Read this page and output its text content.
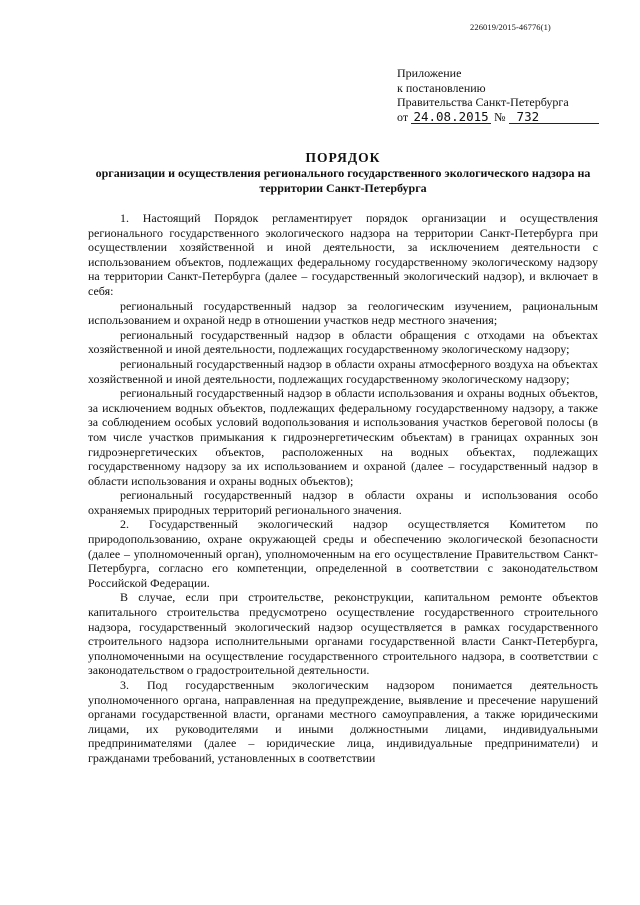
226019/2015-46776(1)
Приложение
к постановлению
Правительства Санкт-Петербурга
от 24.08.2015 № 732
ПОРЯДОК
организации и осуществления регионального государственного экологического надзора на территории Санкт-Петербурга

1. Настоящий Порядок регламентирует порядок организации и осуществления регионального государственного экологического надзора на территории Санкт-Петербурга при осуществлении хозяйственной и иной деятельности, за исключением деятельности с использованием объектов, подлежащих федеральному государственному экологическому надзору на территории Санкт-Петербурга (далее – государственный экологический надзор), и включает в себя:

региональный государственный надзор за геологическим изучением, рациональным использованием и охраной недр в отношении участков недр местного значения;

региональный государственный надзор в области обращения с отходами на объектах хозяйственной и иной деятельности, подлежащих государственному экологическому надзору;

региональный государственный надзор в области охраны атмосферного воздуха на объектах хозяйственной и иной деятельности, подлежащих государственному экологическому надзору;

региональный государственный надзор в области использования и охраны водных объектов, за исключением водных объектов, подлежащих федеральному государственному надзору, а также за соблюдением особых условий водопользования и использования участков береговой полосы (в том числе участков примыкания к гидроэнергетическим объектам) в границах охранных зон гидроэнергетических объектов, расположенных на водных объектах, подлежащих государственному надзору за их использованием и охраной (далее – государственный надзор в области использования и охраны водных объектов);

региональный государственный надзор в области охраны и использования особо охраняемых природных территорий регионального значения.

2. Государственный экологический надзор осуществляется Комитетом по природопользованию, охране окружающей среды и обеспечению экологической безопасности (далее – уполномоченный орган), уполномоченным на его осуществление Правительством Санкт-Петербурга, согласно его компетенции, определенной в соответствии с законодательством Российской Федерации.

В случае, если при строительстве, реконструкции, капитальном ремонте объектов капитального строительства предусмотрено осуществление государственного строительного надзора, государственный экологический надзор осуществляется в рамках государственного строительного надзора исполнительными органами государственной власти Санкт-Петербурга, уполномоченными на осуществление государственного строительного надзора, в соответствии с законодательством о градостроительной деятельности.

3. Под государственным экологическим надзором понимается деятельность уполномоченного органа, направленная на предупреждение, выявление и пресечение нарушений органами государственной власти, органами местного самоуправления, а также юридическими лицами, их руководителями и иными должностными лицами, индивидуальными предпринимателями (далее – юридические лица, индивидуальные предприниматели) и гражданами требований, установленных в соответствии
